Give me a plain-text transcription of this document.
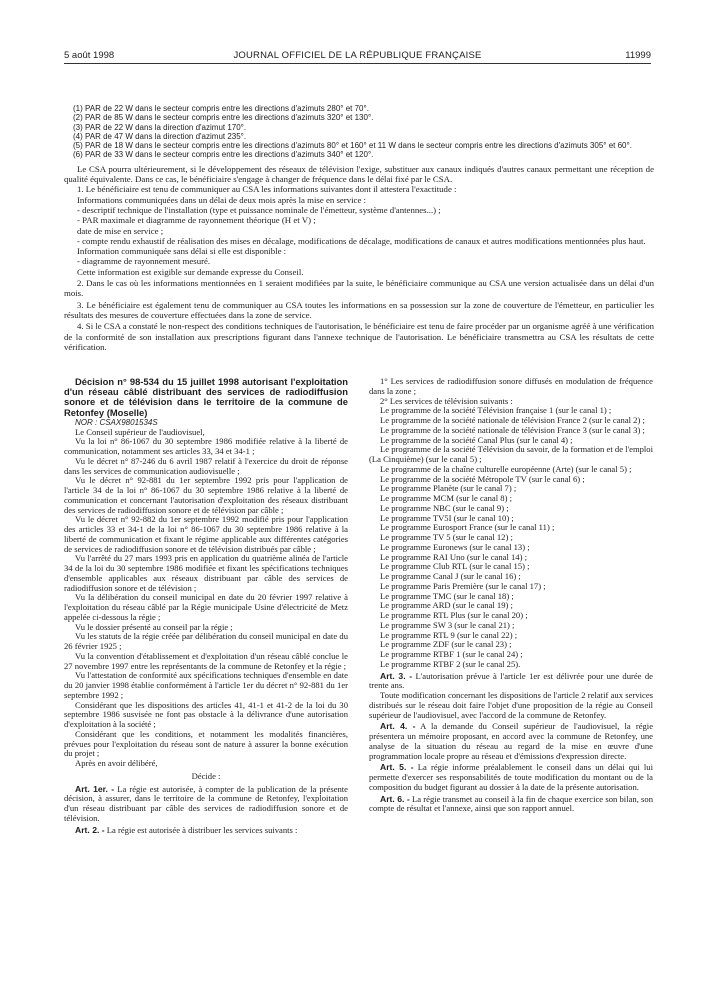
5 août 1998	JOURNAL OFFICIEL DE LA RÉPUBLIQUE FRANÇAISE	11999

(1) PAR de 22 W dans le secteur compris entre les directions d'azimuts 280° et 70°.

(2) PAR de 85 W dans le secteur compris entre les directions d'azimuts 320° et 130°.

(3) PAR de 22 W dans la direction d'azimut 170°.

(4) PAR de 47 W dans la direction d'azimut 235°.

(5) PAR de 18 W dans le secteur compris entre les directions d'azimuts 80° et 160° et 11 W dans le secteur compris entre les directions d'azimuts 305° et 60°.

(6) PAR de 33 W dans le secteur compris entre les directions d'azimuts 340° et 120°.

Le CSA pourra ultérieurement, si le développement des réseaux de télévision l'exige, substituer aux canaux indiqués d'autres canaux permettant une réception de qualité équivalente. Dans ce cas, le bénéficiaire s'engage à changer de fréquence dans le délai fixé par le CSA.

1. Le bénéficiaire est tenu de communiquer au CSA les informations suivantes dont il attestera l'exactitude :

Informations communiquées dans un délai de deux mois après la mise en service :

- descriptif technique de l'installation (type et puissance nominale de l'émetteur, système d'antennes...) ;

- PAR maximale et diagramme de rayonnement théorique (H et V) ;

date de mise en service ;

- compte rendu exhaustif de réalisation des mises en décalage, modifications de décalage, modifications de canaux et autres modifications mentionnées plus haut.

Information communiquée sans délai si elle est disponible :

- diagramme de rayonnement mesuré.

Cette information est exigible sur demande expresse du Conseil.

2. Dans le cas où les informations mentionnées en 1 seraient modifiées par la suite, le bénéficiaire communique au CSA une version actualisée dans un délai d'un mois.

3. Le bénéficiaire est également tenu de communiquer au CSA toutes les informations en sa possession sur la zone de couverture de l'émetteur, en particulier les résultats des mesures de couverture effectuées dans la zone de service.

4. Si le CSA a constaté le non-respect des conditions techniques de l'autorisation, le bénéficiaire est tenu de faire procéder par un organisme agréé à une vérification de la conformité de son installation aux prescriptions figurant dans l'annexe technique de l'autorisation. Le bénéficiaire transmettra au CSA les résultats de cette vérification.

Décision n° 98-534 du 15 juillet 1998 autorisant l'exploitation d'un réseau câblé distribuant des services de radiodiffusion sonore et de télévision dans le territoire de la commune de Retonfey (Moselle)

NOR : CSAX9801534S

Le Conseil supérieur de l'audiovisuel,

Vu la loi n° 86-1067 du 30 septembre 1986 modifiée relative à la liberté de communication, notamment ses articles 33, 34 et 34-1 ;

Vu le décret n° 87-246 du 6 avril 1987 relatif à l'exercice du droit de réponse dans les services de communication audiovisuelle ;

Vu le décret n° 92-881 du 1er septembre 1992 pris pour l'application de l'article 34 de la loi n° 86-1067 du 30 septembre 1986 relative à la liberté de communication et concernant l'autorisation d'exploitation des réseaux distribuant des services de radiodiffusion sonore et de télévision par câble ;

Vu le décret n° 92-882 du 1er septembre 1992 modifié pris pour l'application des articles 33 et 34-1 de la loi n° 86-1067 du 30 septembre 1986 relative à la liberté de communication et fixant le régime applicable aux différentes catégories de services de radiodiffusion sonore et de télévision distribués par câble ;

Vu l'arrêté du 27 mars 1993 pris en application du quatrième alinéa de l'article 34 de la loi du 30 septembre 1986 modifiée et fixant les spécifications techniques d'ensemble applicables aux réseaux distribuant par câble des services de radiodiffusion sonore et de télévision ;

Vu la délibération du conseil municipal en date du 20 février 1997 relative à l'exploitation du réseau câblé par la Régie municipale Usine d'électricité de Metz appelée ci-dessous la régie ;

Vu le dossier présenté au conseil par la régie ;

Vu les statuts de la régie créée par délibération du conseil municipal en date du 26 février 1925 ;

Vu la convention d'établissement et d'exploitation d'un réseau câblé conclue le 27 novembre 1997 entre les représentants de la commune de Retonfey et la régie ;

Vu l'attestation de conformité aux spécifications techniques d'ensemble en date du 20 janvier 1998 établie conformément à l'article 1er du décret n° 92-881 du 1er septembre 1992 ;

Considérant que les dispositions des articles 41, 41-1 et 41-2 de la loi du 30 septembre 1986 susvisée ne font pas obstacle à la délivrance d'une autorisation d'exploitation à la société ;

Considérant que les conditions, et notamment les modalités financières, prévues pour l'exploitation du réseau sont de nature à assurer la bonne exécution du projet ;

Après en avoir délibéré,

Décide :

Art. 1er. - La régie est autorisée, à compter de la publication de la présente décision, à assurer, dans le territoire de la commune de Retonfey, l'exploitation d'un réseau distribuant par câble des services de radiodiffusion sonore et de télévision.

Art. 2. - La régie est autorisée à distribuer les services suivants :

1° Les services de radiodiffusion sonore diffusés en modulation de fréquence dans la zone ;

2° Les services de télévision suivants :

Le programme de la société Télévision française 1 (sur le canal 1) ;

Le programme de la société nationale de télévision France 2 (sur le canal 2) ;

Le programme de la société nationale de télévision France 3 (sur le canal 3) ;

Le programme de la société Canal Plus (sur le canal 4) ;

Le programme de la société Télévision du savoir, de la formation et de l'emploi (La Cinquième) (sur le canal 5) ;

Le programme de la chaîne culturelle européenne (Arte) (sur le canal 5) ;

Le programme de la société Métropole TV (sur le canal 6) ;

Le programme Planète (sur le canal 7) ;

Le programme MCM (sur le canal 8) ;

Le programme NBC (sur le canal 9) ;

Le programme TV5I (sur le canal 10) ;

Le programme Eurosport France (sur le canal 11) ;

Le programme TV 5 (sur le canal 12) ;

Le programme Euronews (sur le canal 13) ;

Le programme RAI Uno (sur le canal 14) ;

Le programme Club RTL (sur le canal 15) ;

Le programme Canal J (sur le canal 16) ;

Le programme Paris Première (sur le canal 17) ;

Le programme TMC (sur le canal 18) ;

Le programme ARD (sur le canal 19) ;

Le programme RTL Plus (sur le canal 20) ;

Le programme SW 3 (sur le canal 21) ;

Le programme RTL 9 (sur le canal 22) ;

Le programme ZDF (sur le canal 23) ;

Le programme RTBF 1 (sur le canal 24) ;

Le programme RTBF 2 (sur le canal 25).

Art. 3. - L'autorisation prévue à l'article 1er est délivrée pour une durée de trente ans.

Toute modification concernant les dispositions de l'article 2 relatif aux services distribués sur le réseau doit faire l'objet d'une proposition de la régie au Conseil supérieur de l'audiovisuel, avec l'accord de la commune de Retonfey.

Art. 4. - A la demande du Conseil supérieur de l'audiovisuel, la régie présentera un mémoire proposant, en accord avec la commune de Retonfey, une analyse de la situation du réseau au regard de la mise en œuvre d'une programmation locale propre au réseau et d'émissions d'expression directe.

Art. 5. - La régie informe préalablement le conseil dans un délai qui lui permette d'exercer ses responsabilités de toute modification du montant ou de la composition du budget figurant au dossier à la date de la présente autorisation.

Art. 6. - La régie transmet au conseil à la fin de chaque exercice son bilan, son compte de résultat et l'annexe, ainsi que son rapport annuel.
